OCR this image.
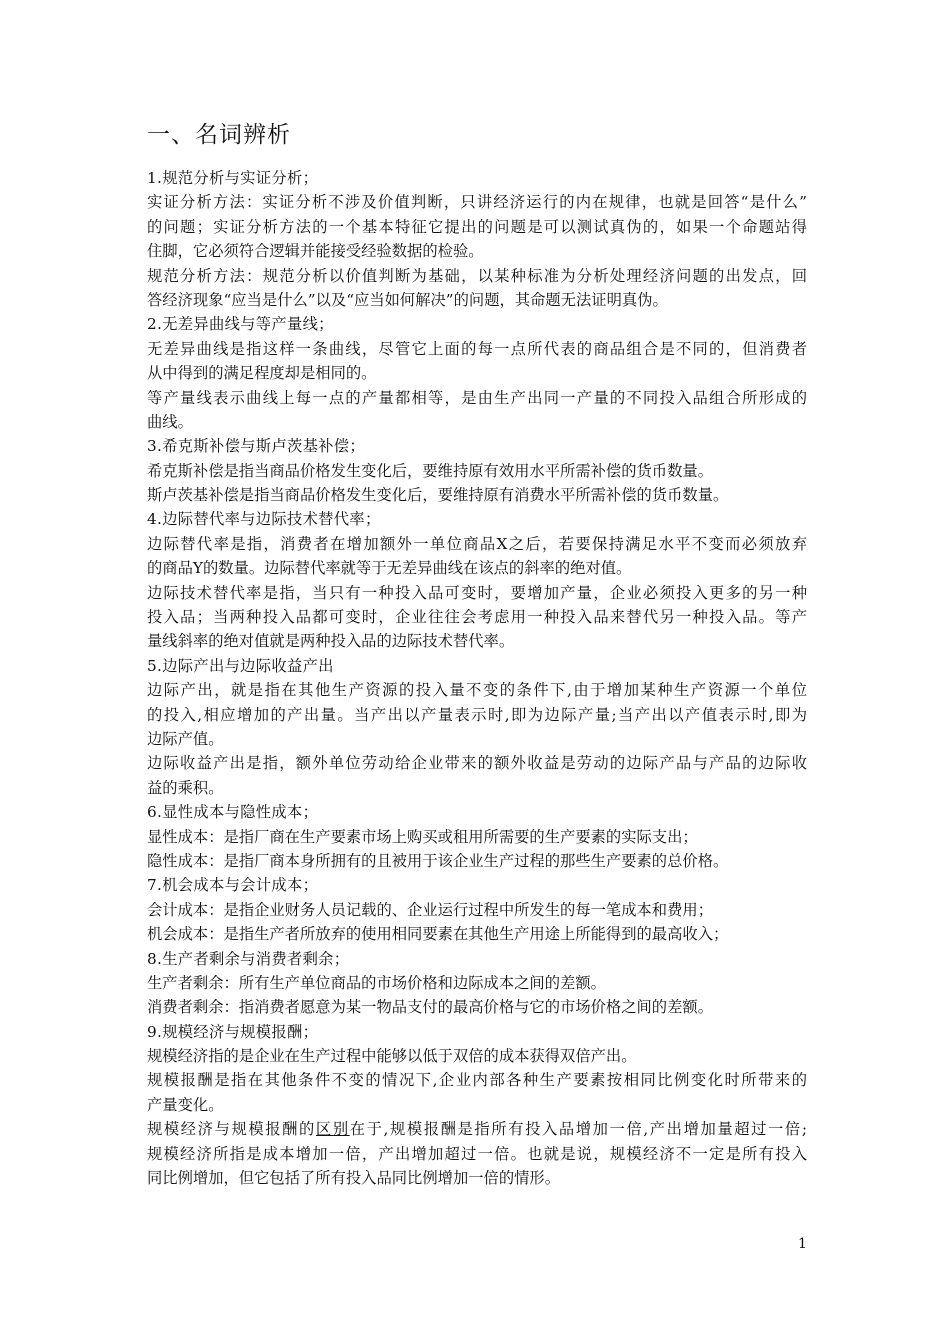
一、名词辨析
1.规范分析与实证分析；
实证分析方法：实证分析不涉及价值判断，只讲经济运行的内在规律，也就是回答“是什么”
的问题；实证分析方法的一个基本特征它提出的问题是可以测试真伪的，如果一个命题站得
住脚，它必须符合逻辑并能接受经验数据的检验。
规范分析方法：规范分析以价值判断为基础，以某种标准为分析处理经济问题的出发点，回
答经济现象“应当是什么”以及“应当如何解决”的问题，其命题无法证明真伪。
2.无差异曲线与等产量线；
无差异曲线是指这样一条曲线，尽管它上面的每一点所代表的商品组合是不同的，但消费者
从中得到的满足程度却是相同的。
等产量线表示曲线上每一点的产量都相等，是由生产出同一产量的不同投入品组合所形成的
曲线。
3.希克斯补偿与斯卢茨基补偿；
希克斯补偿是指当商品价格发生变化后，要维持原有效用水平所需补偿的货币数量。
斯卢茨基补偿是指当商品价格发生变化后，要维持原有消费水平所需补偿的货币数量。
4.边际替代率与边际技术替代率；
边际替代率是指，消费者在增加额外一单位商品X之后，若要保持满足水平不变而必须放弃
的商品Y的数量。边际替代率就等于无差异曲线在该点的斜率的绝对值。
边际技术替代率是指，当只有一种投入品可变时，要增加产量，企业必须投入更多的另一种
投入品；当两种投入品都可变时，企业往往会考虑用一种投入品来替代另一种投入品。等产
量线斜率的绝对值就是两种投入品的边际技术替代率。
5.边际产出与边际收益产出
边际产出，就是指在其他生产资源的投入量不变的条件下,由于增加某种生产资源一个单位
的投入,相应增加的产出量。当产出以产量表示时,即为边际产量;当产出以产值表示时,即为
边际产值。
边际收益产出是指，额外单位劳动给企业带来的额外收益是劳动的边际产品与产品的边际收
益的乘积。
6.显性成本与隐性成本；
显性成本：是指厂商在生产要素市场上购买或租用所需要的生产要素的实际支出；
隐性成本：是指厂商本身所拥有的且被用于该企业生产过程的那些生产要素的总价格。
7.机会成本与会计成本；
会计成本：是指企业财务人员记载的、企业运行过程中所发生的每一笔成本和费用；
机会成本：是指生产者所放弃的使用相同要素在其他生产用途上所能得到的最高收入；
8.生产者剩余与消费者剩余；
生产者剩余：所有生产单位商品的市场价格和边际成本之间的差额。
消费者剩余：指消费者愿意为某一物品支付的最高价格与它的市场价格之间的差额。
9.规模经济与规模报酬；
规模经济指的是企业在生产过程中能够以低于双倍的成本获得双倍产出。
规模报酬是指在其他条件不变的情况下,企业内部各种生产要素按相同比例变化时所带来的
产量变化。
规模经济与规模报酬的区别在于,规模报酬是指所有投入品增加一倍,产出增加量超过一倍;
规模经济所指是成本增加一倍，产出增加超过一倍。也就是说，规模经济不一定是所有投入
同比例增加，但它包括了所有投入品同比例增加一倍的情形。
1
